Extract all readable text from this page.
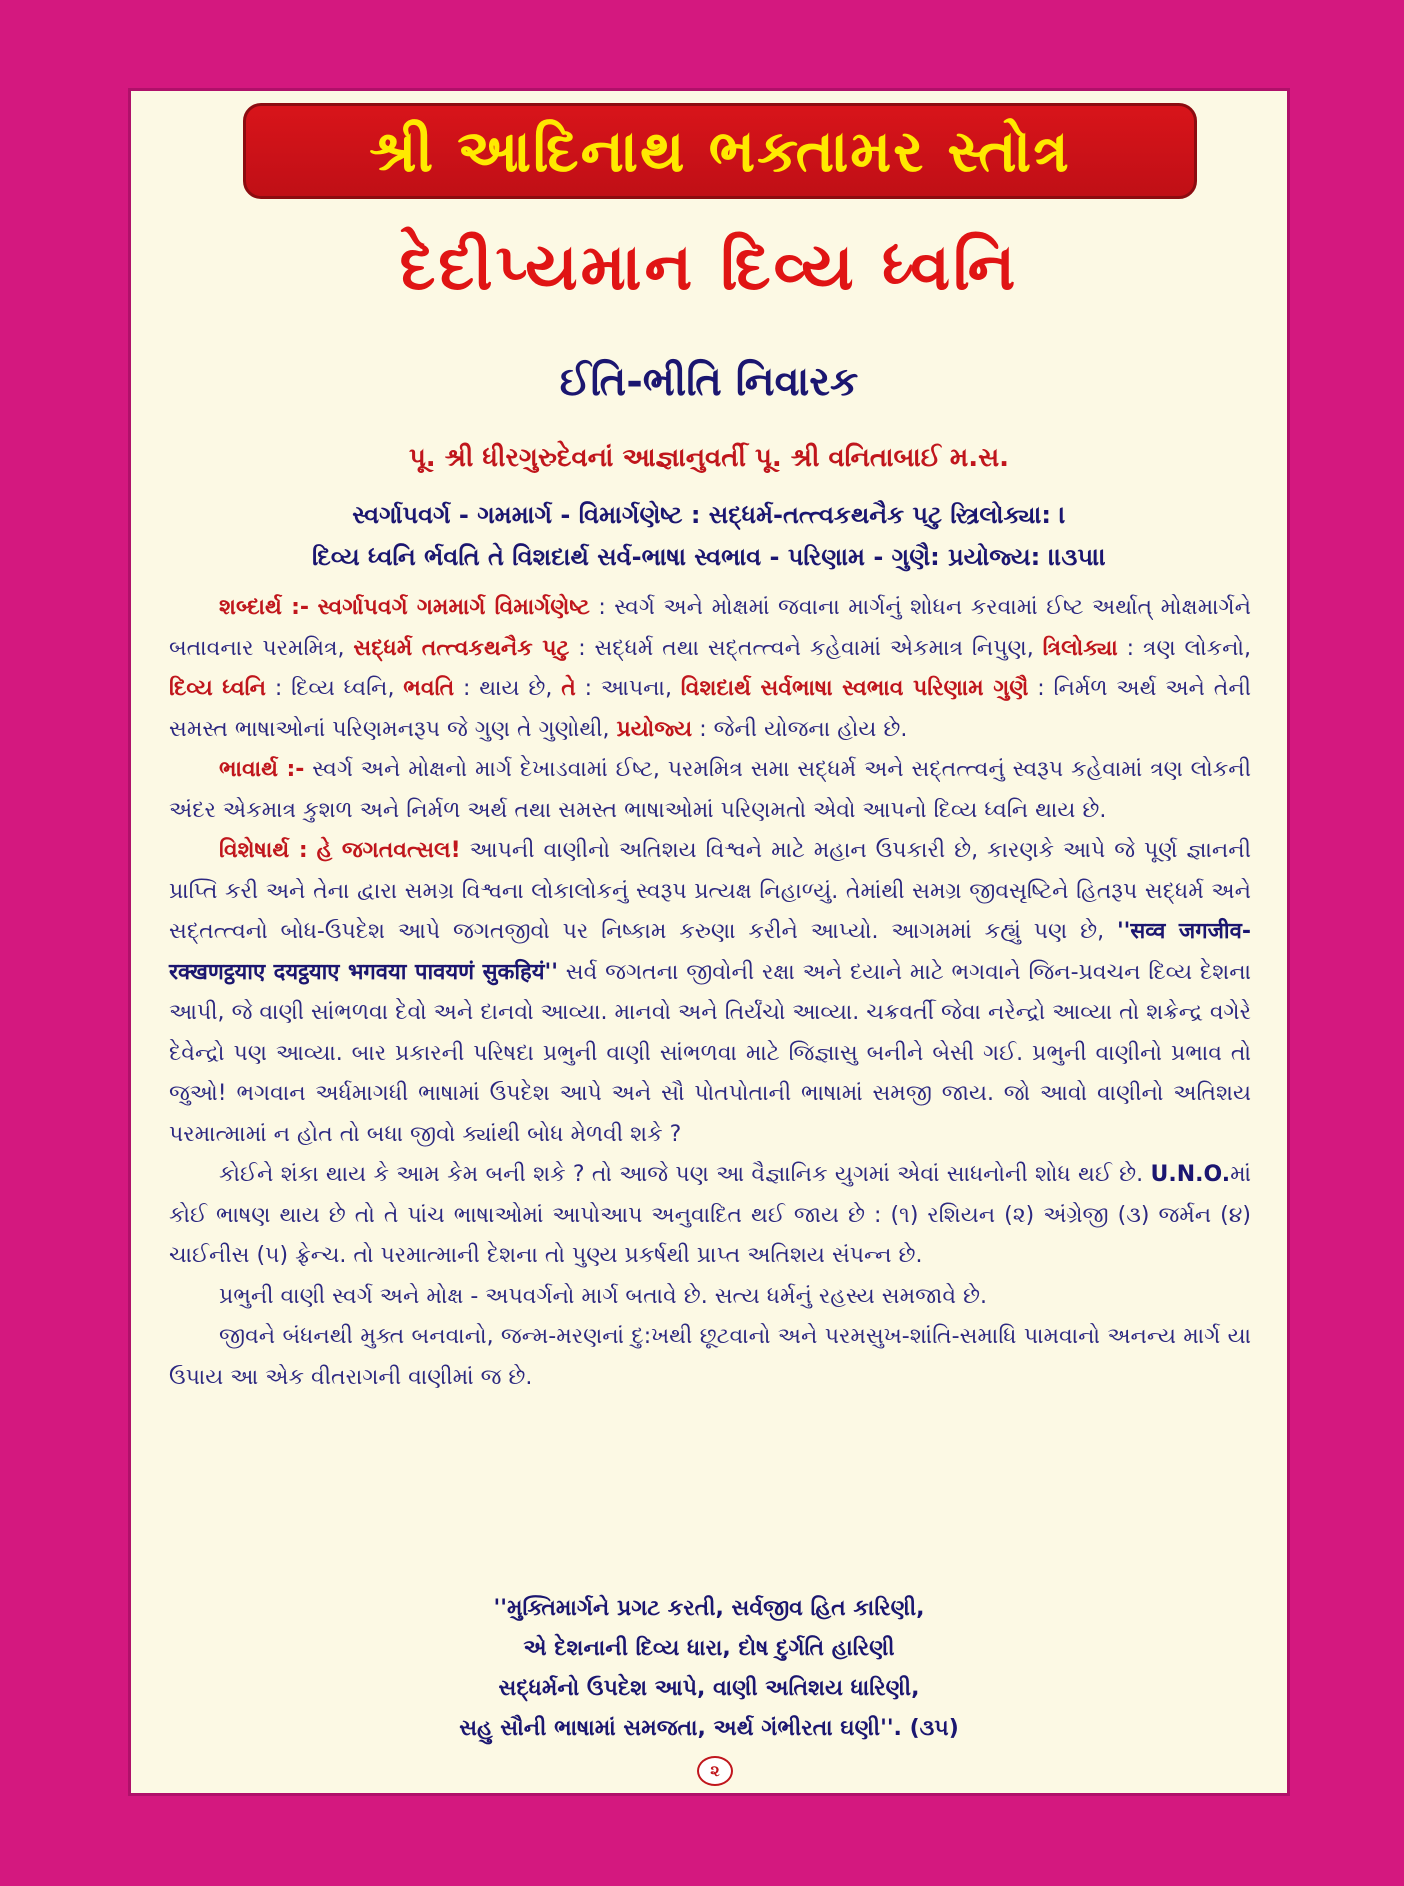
શ્રી આદિનાથ ભક્તામર સ્તોત્ર
દેદીપ્યમાન દિવ્ય ધ્વનિ
ઈતિ-ભીતિ નિવારક
પૂ. શ્રી ધીરગુરુદેવનાં આજ્ઞાનુવર્તી પૂ. શ્રી વનિતાબાઈ મ.સ.
સ્વર્ગાપવર્ગ - ગમમાર્ગ - વિમાર્ગણેષ્ટ : સદ્ધર્મ-તત્ત્વકથનૈક પટુ સ્ત્રિલોક્યા: ।
દિવ્ય ધ્વનિ ર્ભવતિ તે વિશદાર્થ સર્વ-ભાષા સ્વભાવ - પરિણામ - ગુણૈ: પ્રયોજ્ય: ।।૩૫।।

શબ્દાર્થ :- સ્વર્ગાપવર્ગ ગમમાર્ગ વિમાર્ગણેષ્ટ : સ્વર્ગ અને મોક્ષમાં જવાના માર્ગનું શોધન કરવામાં ઈષ્ટ અર્થાત્ મોક્ષમાર્ગને બતાવનાર પરમમિત્ર, સદ્ધર્મ તત્ત્વકથનૈક પટુ : સદ્ધર્મ તથા સદ્તત્ત્વને કહેવામાં એકમાત્ર નિપુણ, ત્રિલોક્યા : ત્રણ લોકનો, દિવ્ય ધ્વનિ : દિવ્ય ધ્વનિ, ભવતિ : થાય છે, તે : આપના, વિશદાર્થ સર્વભાષા સ્વભાવ પરિણામ ગુણૈ : નિર્મળ અર્થ અને તેની સમસ્ત ભાષાઓનાં પરિણમનરૂપ જે ગુણ તે ગુણોથી, પ્રયોજ્ય : જેની યોજના હોય છે.

ભાવાર્થ :- સ્વર્ગ અને મોક્ષનો માર્ગ દેખાડવામાં ઈષ્ટ, પરમમિત્ર સમા સદ્ધર્મ અને સદ્તત્ત્વનું સ્વરૂપ કહેવામાં ત્રણ લોકની અંદર એકમાત્ર કુશળ અને નિર્મળ અર્થ તથા સમસ્ત ભાષાઓમાં પરિણમતો એવો આપનો દિવ્ય ધ્વનિ થાય છે.

વિશેષાર્થ : હે જગતવત્સલ! આપની વાણીનો અતિશય વિશ્વને માટે મહાન ઉપકારી છે, કારણકે આપે જે પૂર્ણ જ્ઞાનની પ્રાપ્તિ કરી અને તેના દ્વારા સમગ્ર વિશ્વના લોકાલોકનું સ્વરૂપ પ્રત્યક્ષ નિહાળ્યું. તેમાંથી સમગ્ર જીવસૃષ્ટિને હિતરૂપ સદ્ધર્મ અને સદ્તત્ત્વનો બોધ-ઉપદેશ આપે જગતજીવો પર નિષ્કામ કરુણા કરીને આપ્યો. આગમમાં કહ્યું પણ છે, ''सव्व जगजीव-रक्खणट्ठयाए दयट्ठयाए भगवया पावयणं सुकहियं'' સર્વ જગતના જીવોની રક્ષા અને દયાને માટે ભગવાને જિન-પ્રવચન દિવ્ય દેશના આપી, જે વાણી સાંભળવા દેવો અને દાનવો આવ્યા. માનવો અને તિર્યંચો આવ્યા. ચક્રવર્તી જેવા નરેન્દ્રો આવ્યા તો શક્રેન્દ્ર વગેરે દેવેન્દ્રો પણ આવ્યા. બાર પ્રકારની પરિષદા પ્રભુની વાણી સાંભળવા માટે જિજ્ઞાસુ બનીને બેસી ગઈ. પ્રભુની વાણીનો પ્રભાવ તો જુઓ! ભગવાન અર્ધમાગધી ભાષામાં ઉપદેશ આપે અને સૌ પોતપોતાની ભાષામાં સમજી જાય. જો આવો વાણીનો અતિશય પરમાત્મામાં ન હોત તો બધા જીવો ક્યાંથી બોધ મેળવી શકે ?

કોઈને શંકા થાય કે આમ કેમ બની શકે ? તો આજે પણ આ વૈજ્ઞાનિક યુગમાં એવાં સાધનોની શોધ થઈ છે. U.N.O.માં કોઈ ભાષણ થાય છે તો તે પાંચ ભાષાઓમાં આપોઆપ અનુવાદિત થઈ જાય છે : (૧) રશિયન (૨) અંગ્રેજી (૩) જર્મન (૪) ચાઈનીસ (૫) ફ્રેન્ચ. તો પરમાત્માની દેશના તો પુણ્ય પ્રકર્ષથી પ્રાપ્ત અતિશય સંપન્ન છે.

પ્રભુની વાણી સ્વર્ગ અને મોક્ષ - અપવર્ગનો માર્ગ બતાવે છે. સત્ય ધર્મનું રહસ્ય સમજાવે છે.

જીવને બંધનથી મુક્ત બનવાનો, જન્મ-મરણનાં દુ:ખથી છૂટવાનો અને પરમસુખ-શાંતિ-સમાધિ પામવાનો અનન્ય માર્ગ યા ઉપાય આ એક વીતરાગની વાણીમાં જ છે.

''મુક્તિમાર્ગને પ્રગટ કરતી, સર્વજીવ હિત કારિણી,
એ દેશનાની દિવ્ય ધારા, દોષ દુર્ગતિ હારિણી
સદ્ધર્મનો ઉપદેશ આપે, વાણી અતિશય ધારિણી,
સહુ સૌની ભાષામાં સમજતા, અર્થ ગંભીરતા ઘણી''. (૩૫)
૨
